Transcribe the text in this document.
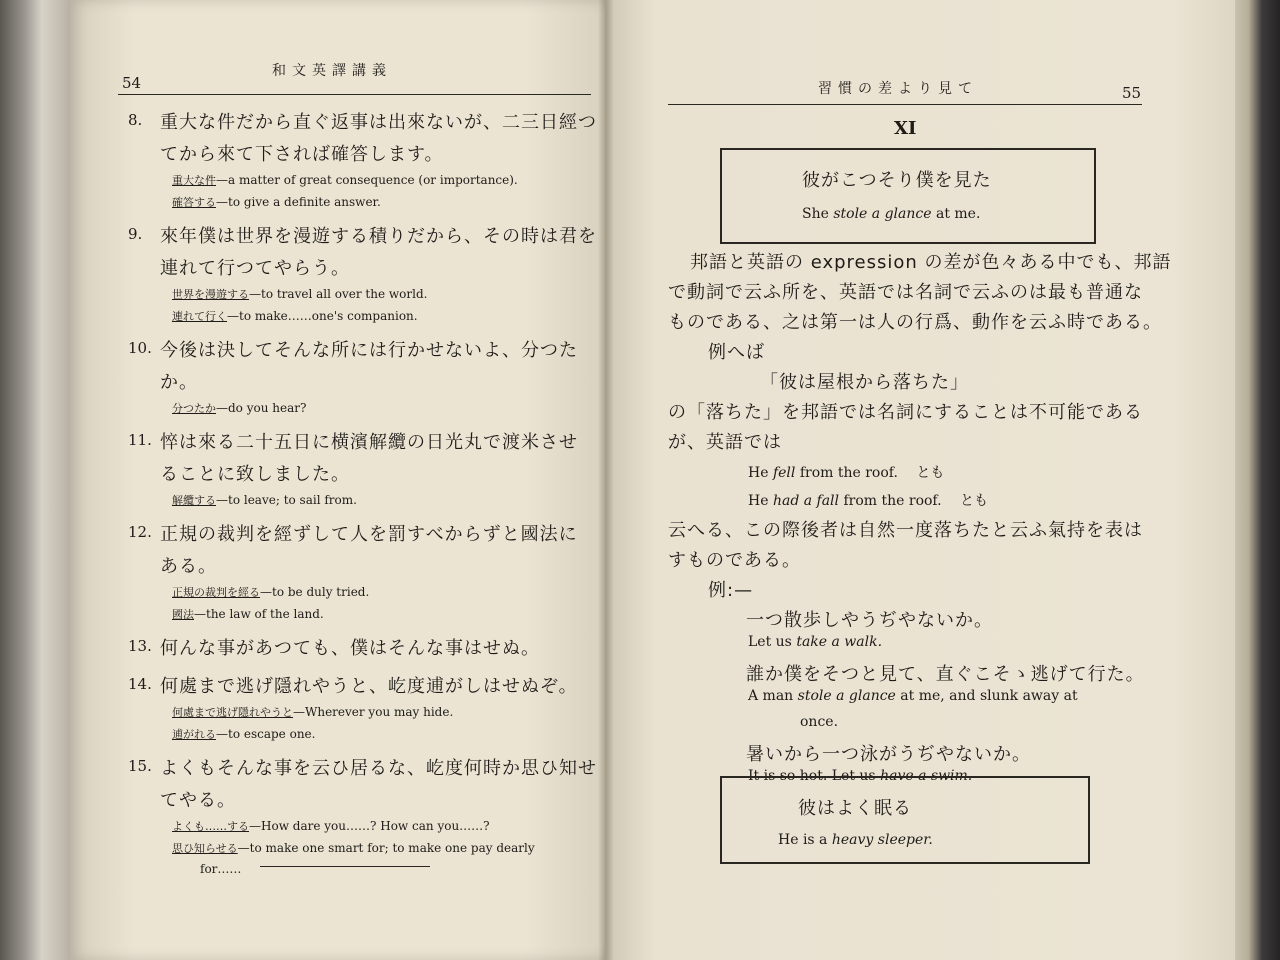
54
和文英譯講義
8. 重大な件だから直ぐ返事は出來ないが、二三日經つ
てから來て下されば確答します。
重大な件—a matter of great consequence (or importance).
確答する—to give a definite answer.
9. 來年僕は世界を漫遊する積りだから、その時は君を
連れて行つてやらう。
世界を漫遊する—to travel all over the world.
連れて行く—to make……one's companion.
10. 今後は決してそんな所には行かせないよ、分つた
か。
分つたか—do you hear?
11. 悴は來る二十五日に横濱解纜の日光丸で渡米させ
ることに致しました。
解纜する—to leave; to sail from.
12. 正規の裁判を經ずして人を罰すべからずと國法に
ある。
正規の裁判を經る—to be duly tried.
國法—the law of the land.
13. 何んな事があつても、僕はそんな事はせぬ。
14. 何處まで逃げ隱れやうと、屹度逋がしはせぬぞ。
何處まで逃げ隱れやうと—Wherever you may hide.
逋がれる—to escape one.
15. よくもそんな事を云ひ居るな、屹度何時か思ひ知せ
てやる。
よくも……する—How dare you……? How can you……?
思ひ知らせる—to make one smart for; to make one pay dearly
for……
習慣の差より見て	55
XI
彼がこつそり僕を見た
She stole a glance at me.
邦語と英語の expression の差が色々ある中でも、邦語
で動詞で云ふ所を、英語では名詞で云ふのは最も普通な
ものである、之は第一は人の行爲、動作を云ふ時である。
例へば
「彼は屋根から落ちた」
の「落ちた」を邦語では名詞にすることは不可能である
が、英語では
He fell from the roof. とも
He had a fall from the roof. とも
云へる、この際後者は自然一度落ちたと云ふ氣持を表は
すものである。
例:—
一つ散歩しやうぢやないか。
Let us take a walk.
誰か僕をそつと見て、直ぐこそゝ逃げて行た。
A man stole a glance at me, and slunk away at
once.
暑いから一つ泳がうぢやないか。
It is so hot. Let us have a swim.
彼はよく眠る
He is a heavy sleeper.
